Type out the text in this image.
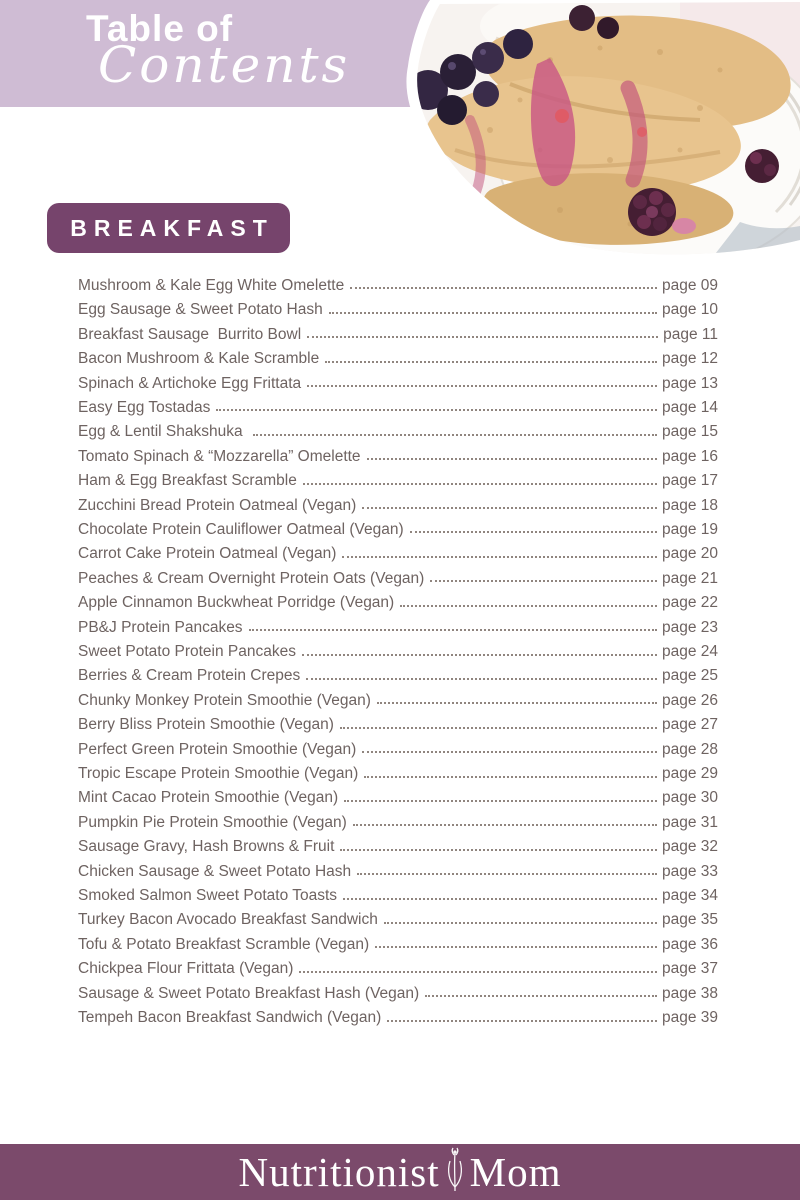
Table of
Contents
BREAKFAST
Mushroom & Kale Egg White Omelette	page 09
Egg Sausage & Sweet Potato Hash	page 10
Breakfast Sausage  Burrito Bowl	page 11
Bacon Mushroom & Kale Scramble	page 12
Spinach & Artichoke Egg Frittata	page 13
Easy Egg Tostadas	page 14
Egg & Lentil Shakshuka	page 15
Tomato Spinach & “Mozzarella” Omelette	page 16
Ham & Egg Breakfast Scramble	page 17
Zucchini Bread Protein Oatmeal (Vegan)	page 18
Chocolate Protein Cauliflower Oatmeal (Vegan)	page 19
Carrot Cake Protein Oatmeal (Vegan)	page 20
Peaches & Cream Overnight Protein Oats (Vegan)	page 21
Apple Cinnamon Buckwheat Porridge (Vegan)	page 22
PB&J Protein Pancakes	page 23
Sweet Potato Protein Pancakes	page 24
Berries & Cream Protein Crepes	page 25
Chunky Monkey Protein Smoothie (Vegan)	page 26
Berry Bliss Protein Smoothie (Vegan)	page 27
Perfect Green Protein Smoothie (Vegan)	page 28
Tropic Escape Protein Smoothie (Vegan)	page 29
Mint Cacao Protein Smoothie (Vegan)	page 30
Pumpkin Pie Protein Smoothie (Vegan)	page 31
Sausage Gravy, Hash Browns & Fruit	page 32
Chicken Sausage & Sweet Potato Hash	page 33
Smoked Salmon Sweet Potato Toasts	page 34
Turkey Bacon Avocado Breakfast Sandwich	page 35
Tofu & Potato Breakfast Scramble (Vegan)	page 36
Chickpea Flour Frittata (Vegan)	page 37
Sausage & Sweet Potato Breakfast Hash (Vegan)	page 38
Tempeh Bacon Breakfast Sandwich (Vegan)	page 39
Nutritionist Mom
